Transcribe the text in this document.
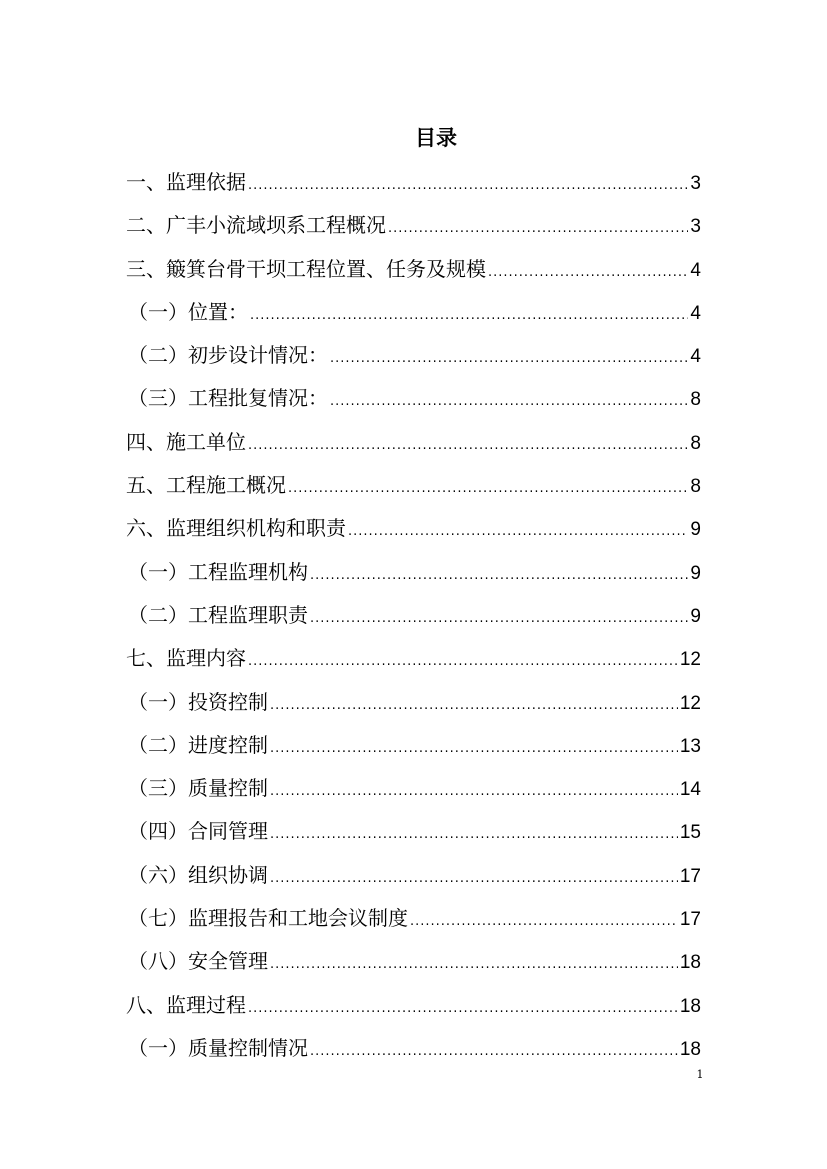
目录
一、监理依据 .....	3
二、广丰小流域坝系工程概况 .....	3
三、簸箕台骨干坝工程位置、任务及规模 .....	4
（一）位置： .....	4
（二）初步设计情况： .....	4
（三）工程批复情况： .....	8
四、施工单位 .....	8
五、工程施工概况 .....	8
六、监理组织机构和职责 .....	9
（一）工程监理机构 .....	9
（二）工程监理职责 .....	9
七、监理内容 .....	12
（一）投资控制 .....	12
（二）进度控制 .....	13
（三）质量控制 .....	14
（四）合同管理 .....	15
（六）组织协调 .....	17
（七）监理报告和工地会议制度 .....	17
（八）安全管理 .....	18
八、监理过程 .....	18
（一）质量控制情况 .....	18
1
